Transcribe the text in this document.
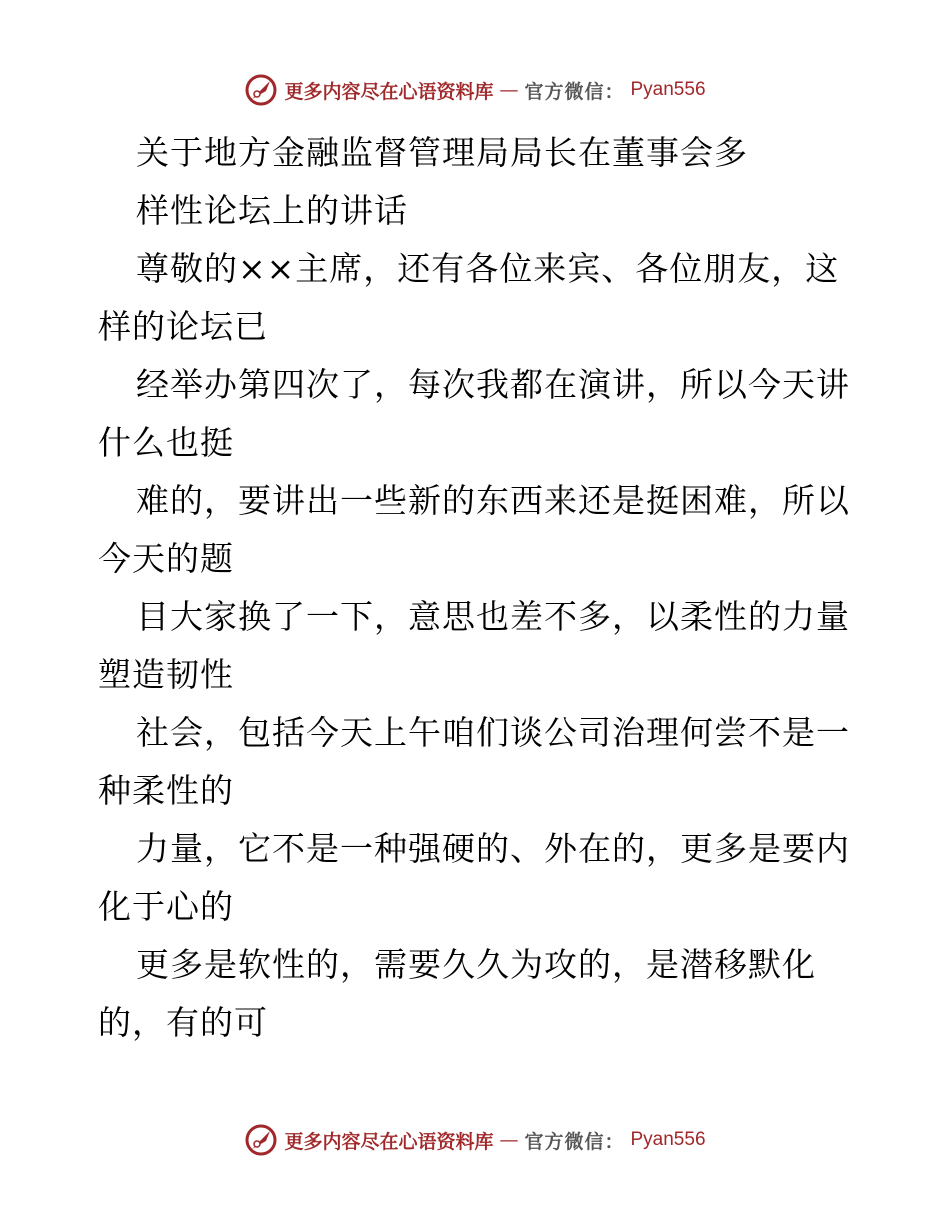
更多内容尽在心语资料库 — 官方微信： Pyan556
关于地方金融监督管理局局长在董事会多
样性论坛上的讲话
尊敬的××主席，还有各位来宾、各位朋友，这
样的论坛已
经举办第四次了，每次我都在演讲，所以今天讲
什么也挺
难的，要讲出一些新的东西来还是挺困难，所以
今天的题
目大家换了一下，意思也差不多，以柔性的力量
塑造韧性
社会，包括今天上午咱们谈公司治理何尝不是一
种柔性的
力量，它不是一种强硬的、外在的，更多是要内
化于心的
更多是软性的，需要久久为攻的，是潜移默化
的，有的可
更多内容尽在心语资料库 — 官方微信： Pyan556
